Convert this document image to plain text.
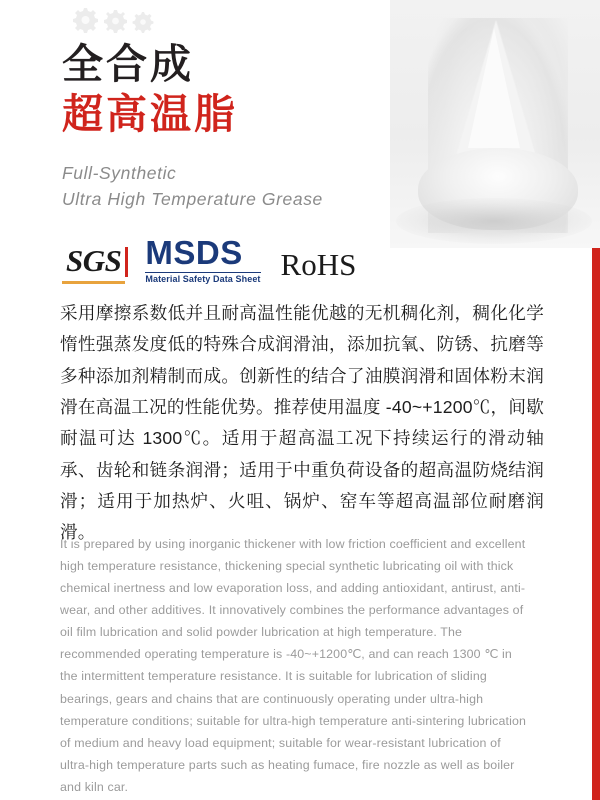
全合成
超高温脂
Full-Synthetic
Ultra High Temperature Grease
SGS MSDS
Material Safety Data Sheet RoHS
采用摩擦系数低并且耐高温性能优越的无机稠化剂，稠化化学惰性强蒸发度低的特殊合成润滑油，添加抗氧、防锈、抗磨等多种添加剂精制而成。创新性的结合了油膜润滑和固体粉末润滑在高温工况的性能优势。推荐使用温度 -40~+1200℃，间歇耐温可达 1300℃。适用于超高温工况下持续运行的滑动轴承、齿轮和链条润滑；适用于中重负荷设备的超高温防烧结润滑；适用于加热炉、火咀、锅炉、窑车等超高温部位耐磨润滑。
It is prepared by using inorganic thickener with low friction coefficient and excellent high temperature resistance, thickening special synthetic lubricating oil with thick chemical inertness and low evaporation loss, and adding antioxidant, antirust, anti-wear, and other additives. It innovatively combines the performance advantages of oil film lubrication and solid powder lubrication at high temperature. The recommended operating temperature is -40~+1200℃, and can reach 1300 ℃ in the intermittent temperature resistance. It is suitable for lubrication of sliding bearings, gears and chains that are continuously operating under ultra-high temperature conditions; suitable for ultra-high temperature anti-sintering lubrication of medium and heavy load equipment; suitable for wear-resistant lubrication of ultra-high temperature parts such as heating fumace, fire nozzle as well as boiler and kiln car.
